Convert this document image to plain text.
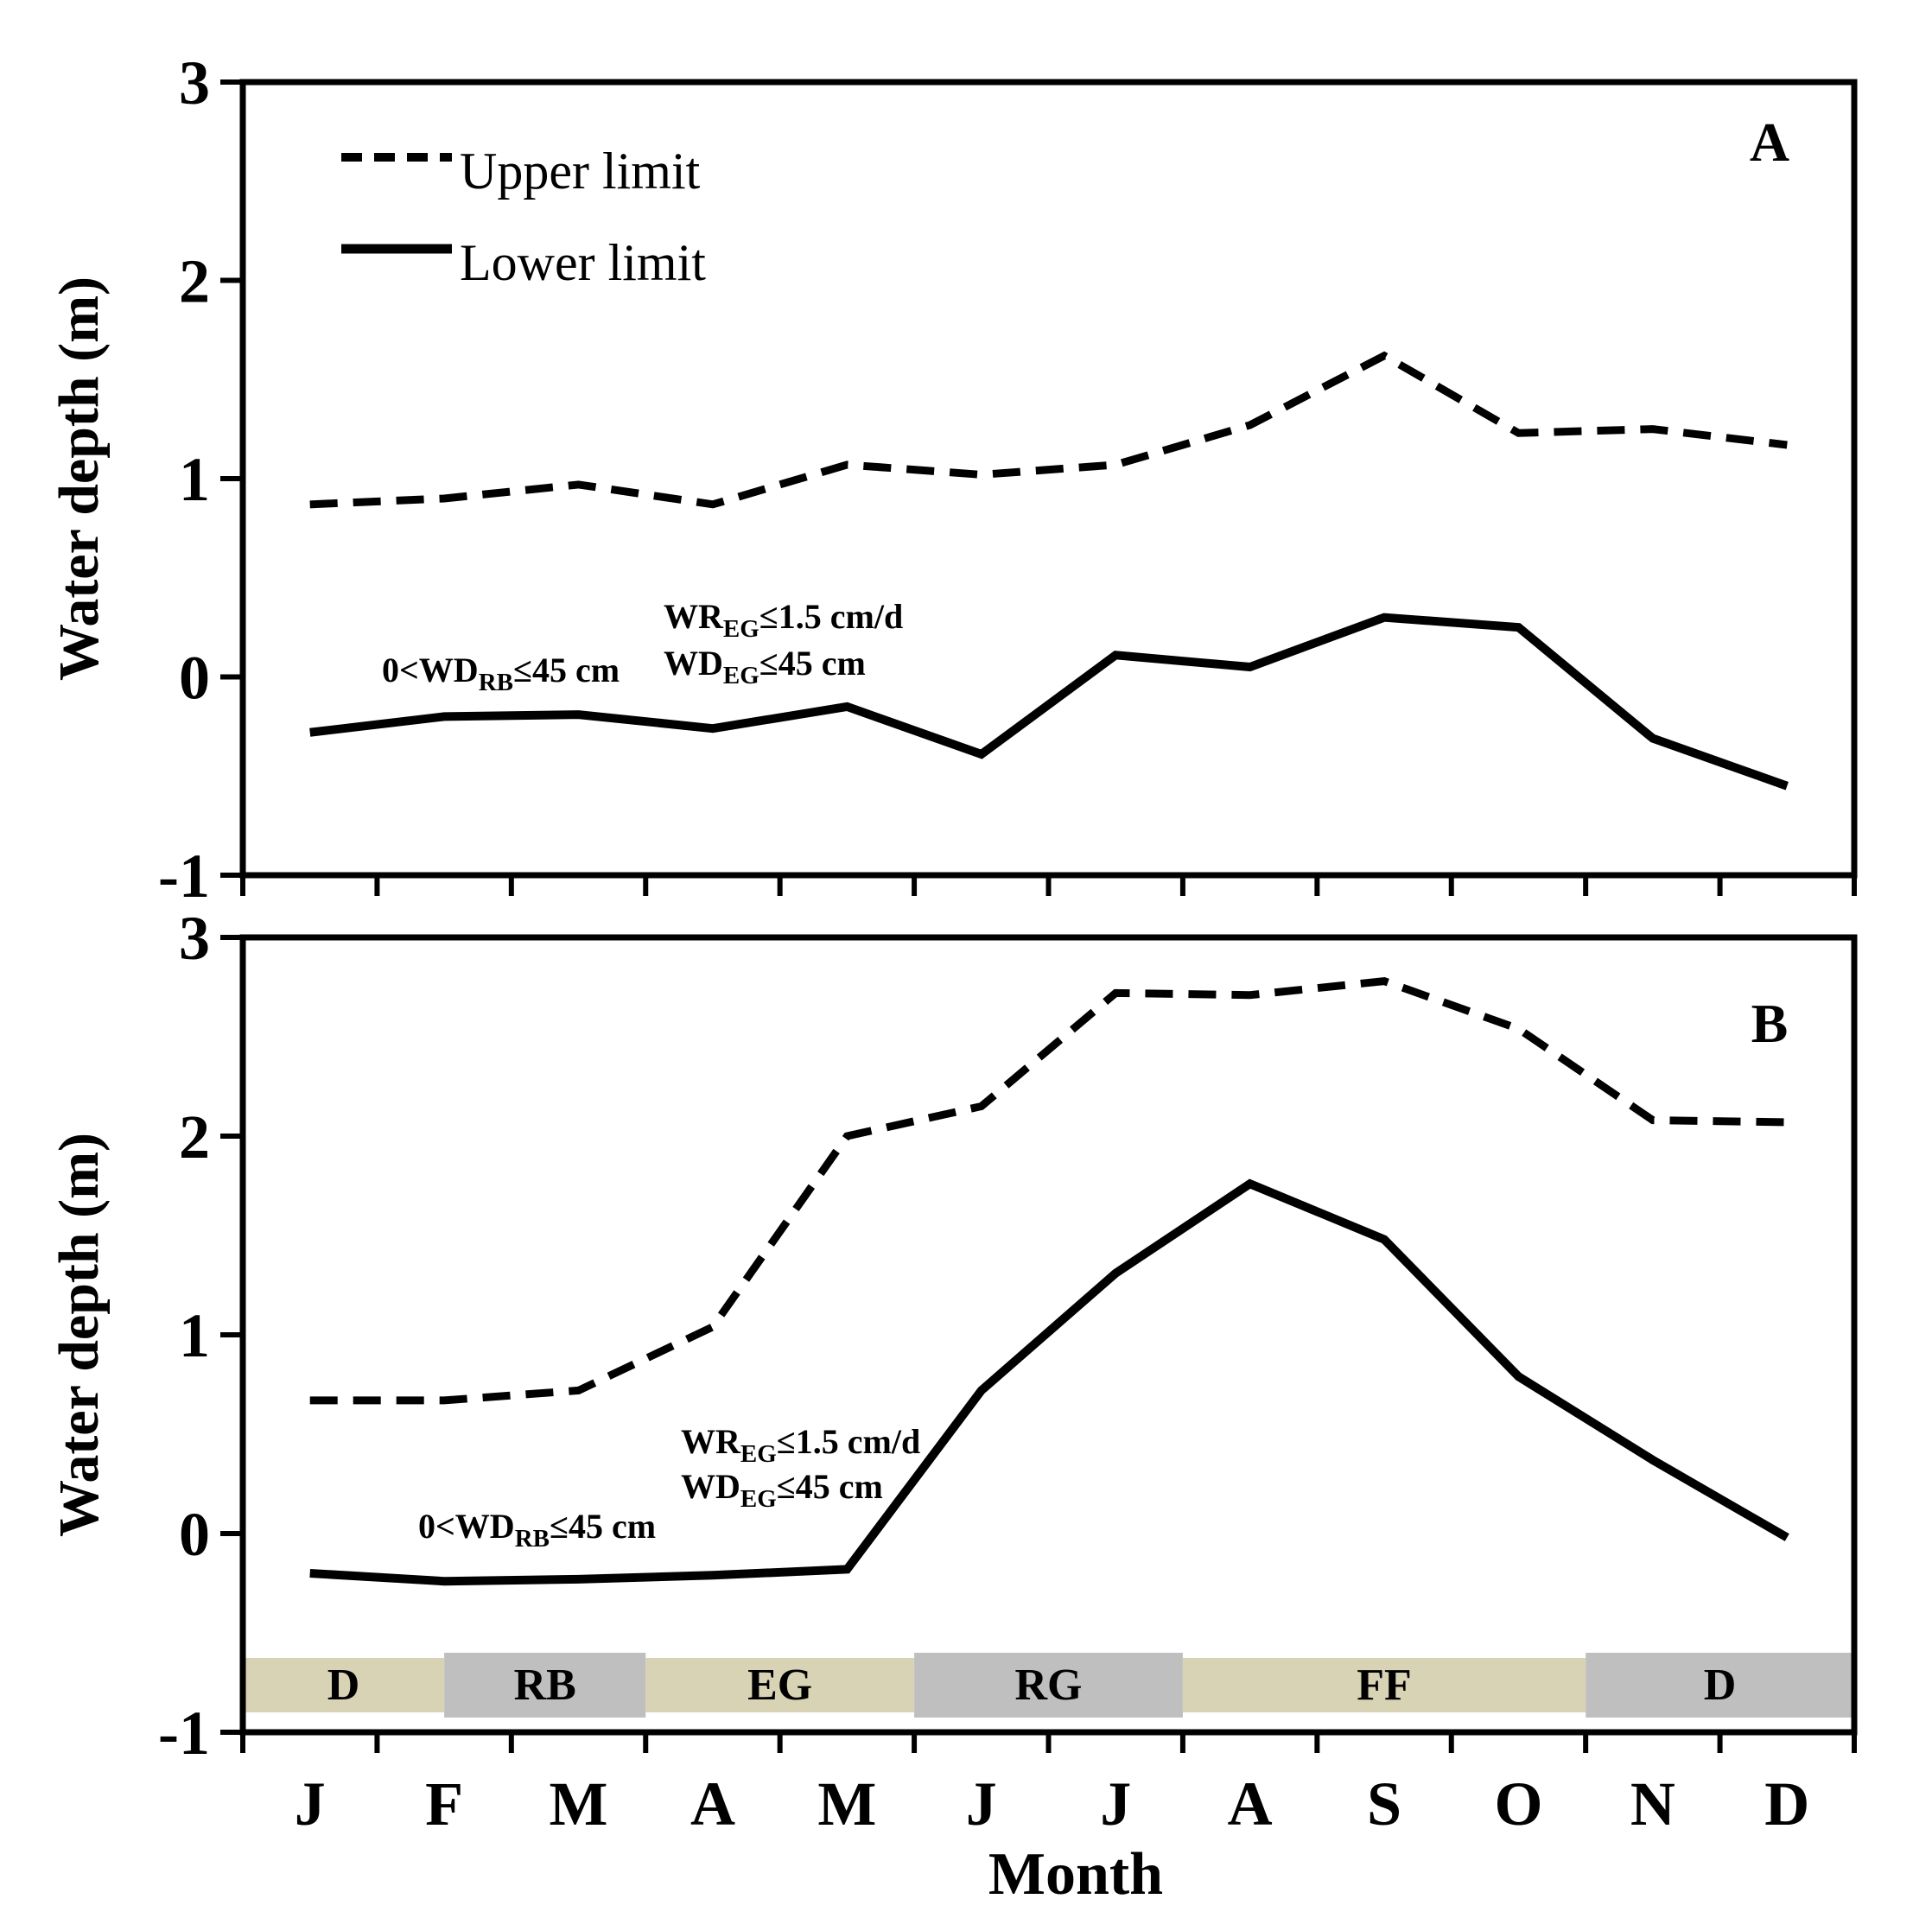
-1
0
1
2
3
$WR_{EG}\le 1.5$ cm/d
$WD_{EG}\le 45$ cm
$0<WD_{RB}\le 45$ cm
D	RB	EG	RG	FF	D
-1
0
1
2
3
J F M A M J J A S O N D
$WR_{EG}\le 1.5$ cm/d
$WD_{EG}\le 45$ cm
$0<WD_{RB}\le 45$ cm
Water depth (m)
Water depth (m)
Month
Upper limit
Lower limit
A
B
